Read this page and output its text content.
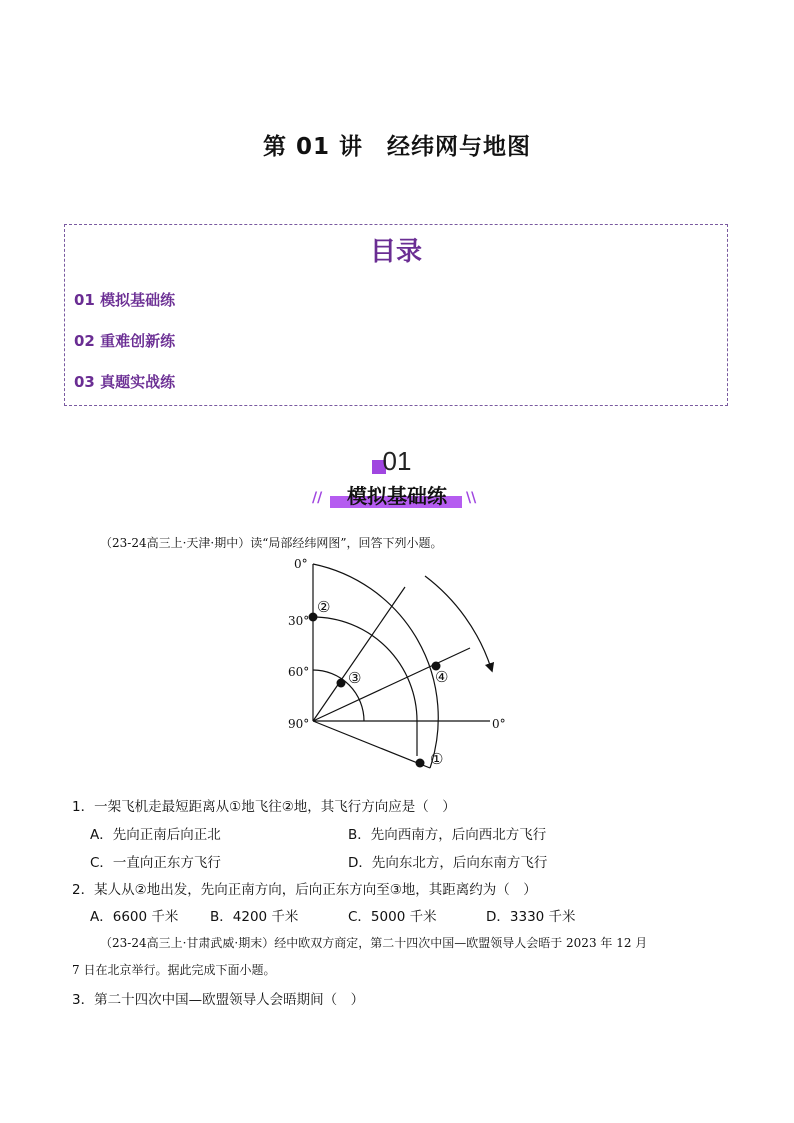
第 01 讲　经纬网与地图
目录
01 模拟基础练
02 重难创新练
03 真题实战练
01
//	\\
模拟基础练
（23-24高三上·天津·期中）读“局部经纬网图”，回答下列小题。
0°
30°
60°
90°	0°
①
②
③	④
1．一架飞机走最短距离从①地飞往②地，其飞行方向应是（　）
A．先向正南后向正北	B．先向西南方，后向西北方飞行
C．一直向正东方飞行	D．先向东北方，后向东南方飞行
2．某人从②地出发，先向正南方向，后向正东方向至③地，其距离约为（　）
A．6600 千米 B．4200 千米	C．5000 千米	D．3330 千米
（23-24高三上·甘肃武威·期末）经中欧双方商定，第二十四次中国—欧盟领导人会晤于 2023 年 12 月
7 日在北京举行。据此完成下面小题。
3．第二十四次中国—欧盟领导人会晤期间（　）
